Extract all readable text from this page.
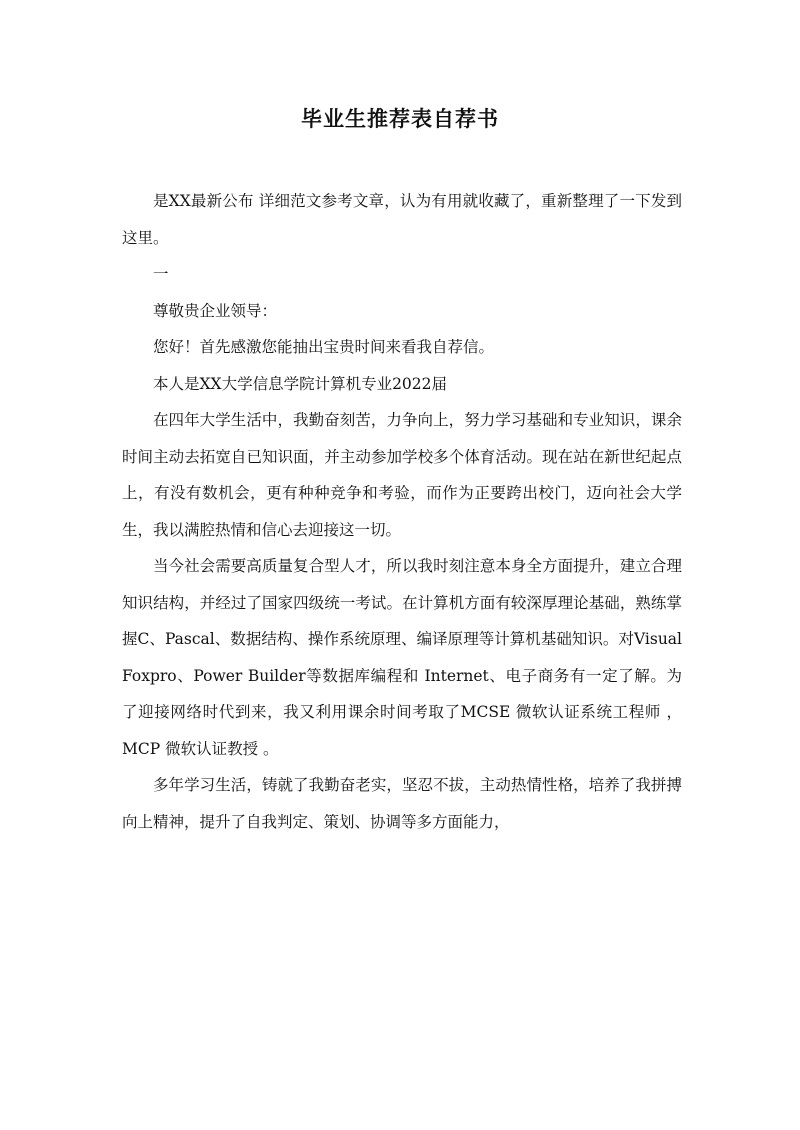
毕业生推荐表自荐书

是XX最新公布 详细范文参考文章，认为有用就收藏了，重新整理了一下发到这里。

一

尊敬贵企业领导：

您好！首先感激您能抽出宝贵时间来看我自荐信。

本人是XX大学信息学院计算机专业2022届

在四年大学生活中，我勤奋刻苦，力争向上，努力学习基础和专业知识，课余时间主动去拓宽自已知识面，并主动参加学校多个体育活动。现在站在新世纪起点上，有没有数机会，更有种种竞争和考验，而作为正要跨出校门，迈向社会大学生，我以满腔热情和信心去迎接这一切。

当今社会需要高质量复合型人才，所以我时刻注意本身全方面提升，建立合理知识结构，并经过了国家四级统一考试。在计算机方面有较深厚理论基础，熟练掌握C、Pascal、数据结构、操作系统原理、编译原理等计算机基础知识。对Visual Foxpro、Power Builder等数据库编程和 Internet、电子商务有一定了解。为了迎接网络时代到来，我又利用课余时间考取了MCSE 微软认证系统工程师 ，MCP 微软认证教授 。

多年学习生活，铸就了我勤奋老实，坚忍不拔，主动热情性格，培养了我拼搏向上精神，提升了自我判定、策划、协调等多方面能力，
